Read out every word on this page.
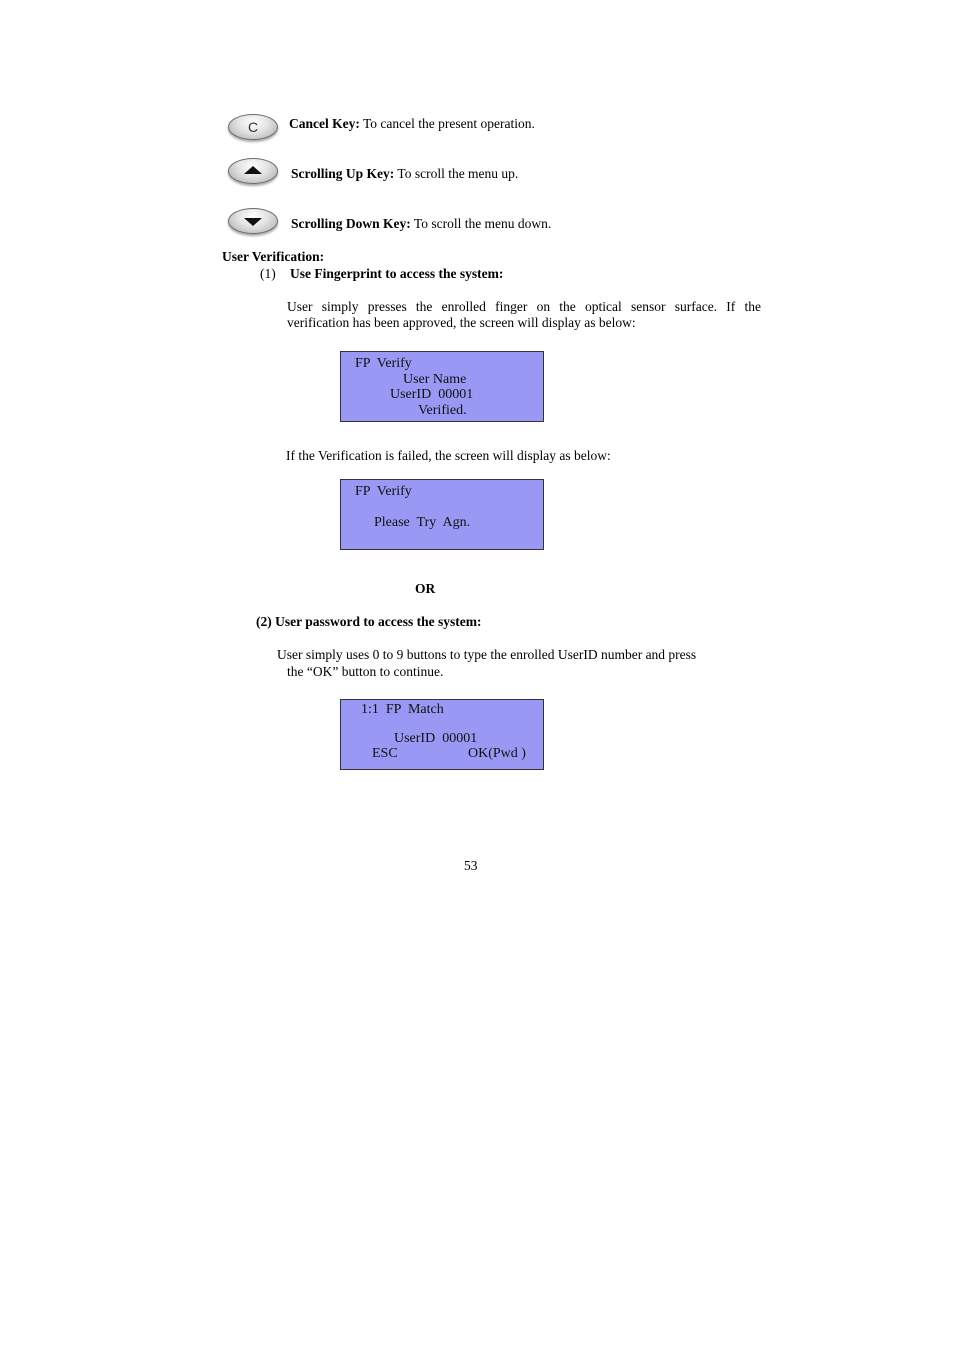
C Cancel Key: To cancel the present operation.
Scrolling Up Key: To scroll the menu up.
Scrolling Down Key: To scroll the menu down.
User Verification:
(1) Use Fingerprint to access the system:
User simply presses the enrolled finger on the optical sensor surface. If the
verification has been approved, the screen will display as below:
FP  Verify
User Name
UserID  00001
Verified.
If the Verification is failed, the screen will display as below:
FP  Verify
Please  Try  Agn.
OR
(2) User password to access the system:
User simply uses 0 to 9 buttons to type the enrolled UserID number and press
the “OK” button to continue.
1:1  FP  Match
UserID  00001
ESC	OK(Pwd )
53
